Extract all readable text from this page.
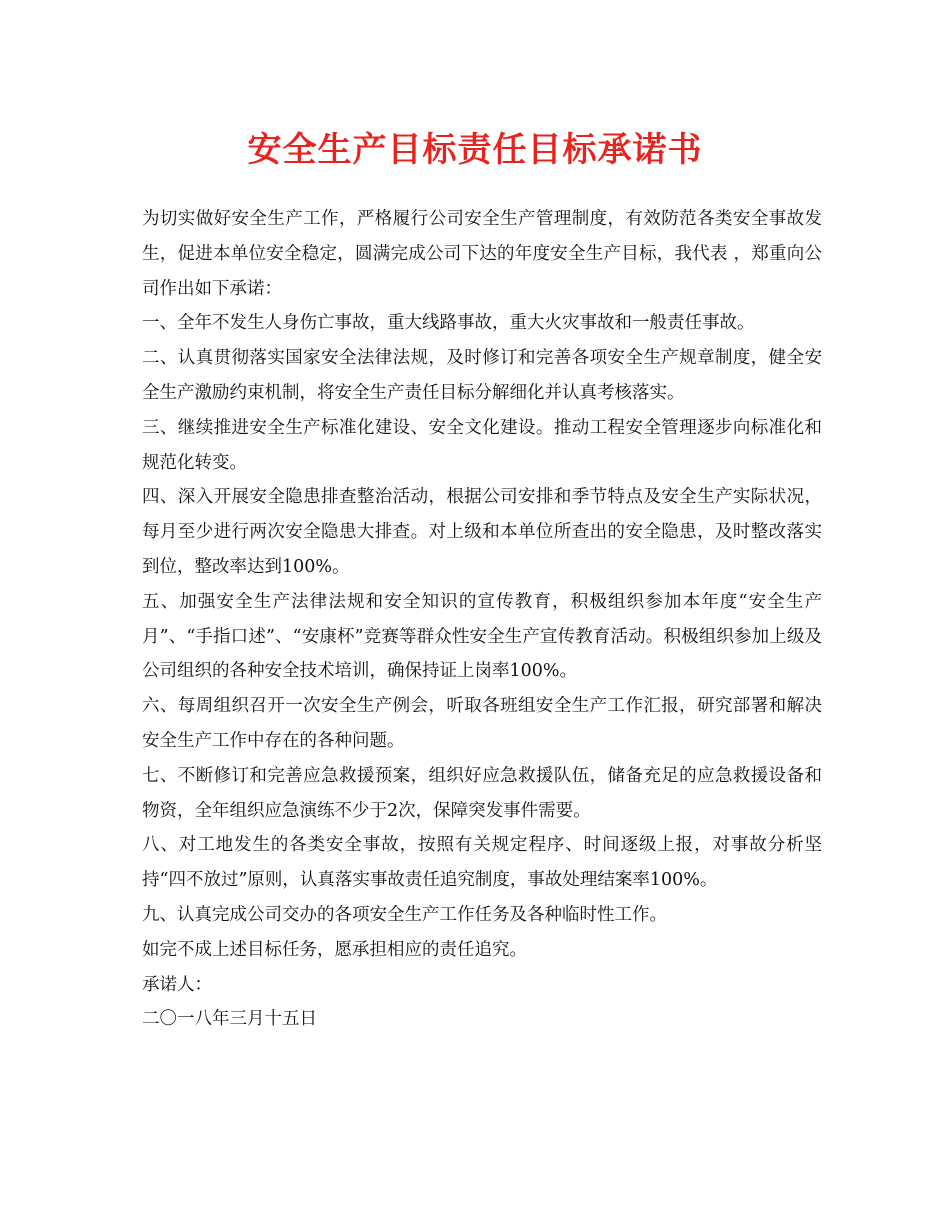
安全生产目标责任目标承诺书

为切实做好安全生产工作，严格履行公司安全生产管理制度，有效防范各类安全事故发生，促进本单位安全稳定，圆满完成公司下达的年度安全生产目标，我代表 ，郑重向公司作出如下承诺：

一、全年不发生人身伤亡事故，重大线路事故，重大火灾事故和一般责任事故。

二、认真贯彻落实国家安全法律法规，及时修订和完善各项安全生产规章制度，健全安全生产激励约束机制，将安全生产责任目标分解细化并认真考核落实。

三、继续推进安全生产标准化建设、安全文化建设。推动工程安全管理逐步向标准化和规范化转变。

四、深入开展安全隐患排查整治活动，根据公司安排和季节特点及安全生产实际状况，每月至少进行两次安全隐患大排查。对上级和本单位所查出的安全隐患，及时整改落实到位，整改率达到100%。

五、加强安全生产法律法规和安全知识的宣传教育，积极组织参加本年度“安全生产月”、“手指口述”、“安康杯”竞赛等群众性安全生产宣传教育活动。积极组织参加上级及公司组织的各种安全技术培训，确保持证上岗率100%。

六、每周组织召开一次安全生产例会，听取各班组安全生产工作汇报，研究部署和解决安全生产工作中存在的各种问题。

七、不断修订和完善应急救援预案，组织好应急救援队伍，储备充足的应急救援设备和物资，全年组织应急演练不少于2次，保障突发事件需要。

八、对工地发生的各类安全事故，按照有关规定程序、时间逐级上报，对事故分析坚持“四不放过”原则，认真落实事故责任追究制度，事故处理结案率100%。

九、认真完成公司交办的各项安全生产工作任务及各种临时性工作。

如完不成上述目标任务，愿承担相应的责任追究。

承诺人：

二〇一八年三月十五日
